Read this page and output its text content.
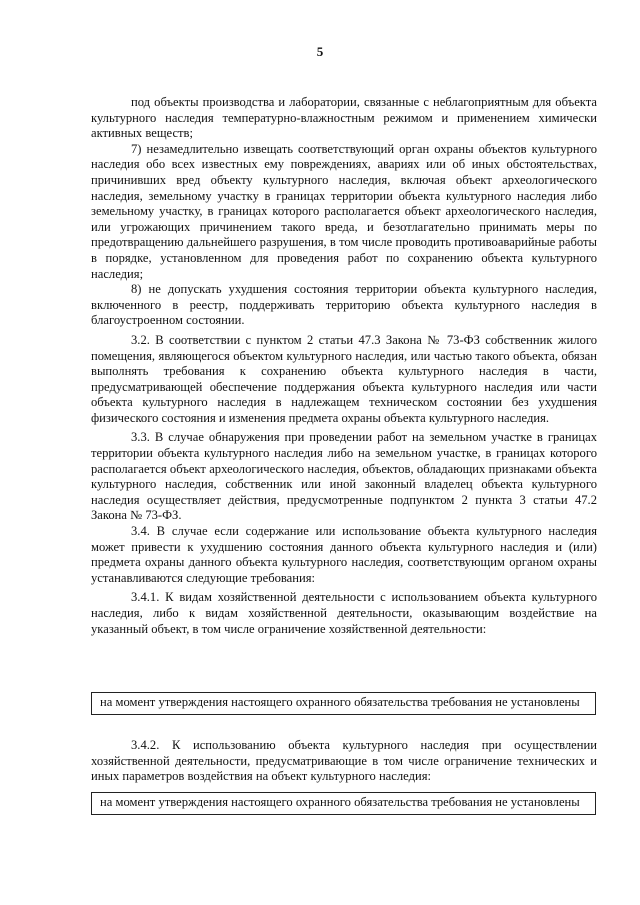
5

под объекты производства и лаборатории, связанные с неблагоприятным для объекта культурного наследия температурно-влажностным режимом и применением химически активных веществ;

7) незамедлительно извещать соответствующий орган охраны объектов культурного наследия обо всех известных ему повреждениях, авариях или об иных обстоятельствах, причинивших вред объекту культурного наследия, включая объект археологического наследия, земельному участку в границах территории объекта культурного наследия либо земельному участку, в границах которого располагается объект археологического наследия, или угрожающих причинением такого вреда, и безотлагательно принимать меры по предотвращению дальнейшего разрушения, в том числе проводить противоаварийные работы в порядке, установленном для проведения работ по сохранению объекта культурного наследия;

8) не допускать ухудшения состояния территории объекта культурного наследия, включенного в реестр, поддерживать территорию объекта культурного наследия в благоустроенном состоянии.

3.2. В соответствии с пунктом 2 статьи 47.3 Закона № 73-ФЗ собственник жилого помещения, являющегося объектом культурного наследия, или частью такого объекта, обязан выполнять требования к сохранению объекта культурного наследия в части, предусматривающей обеспечение поддержания объекта культурного наследия или части объекта культурного наследия в надлежащем техническом состоянии без ухудшения физического состояния и изменения предмета охраны объекта культурного наследия.

3.3. В случае обнаружения при проведении работ на земельном участке в границах территории объекта культурного наследия либо на земельном участке, в границах которого располагается объект археологического наследия, объектов, обладающих признаками объекта культурного наследия, собственник или иной законный владелец объекта культурного наследия осуществляет действия, предусмотренные подпунктом 2 пункта 3 статьи 47.2 Закона № 73-ФЗ.

3.4. В случае если содержание или использование объекта культурного наследия может привести к ухудшению состояния данного объекта культурного наследия и (или) предмета охраны данного объекта культурного наследия, соответствующим органом охраны устанавливаются следующие требования:

3.4.1. К видам хозяйственной деятельности с использованием объекта культурного наследия, либо к видам хозяйственной деятельности, оказывающим воздействие на указанный объект, в том числе ограничение хозяйственной деятельности:

на момент утверждения настоящего охранного обязательства требования не установлены

3.4.2. К использованию объекта культурного наследия при осуществлении хозяйственной деятельности, предусматривающие в том числе ограничение технических и иных параметров воздействия на объект культурного наследия:

на момент утверждения настоящего охранного обязательства требования не установлены
